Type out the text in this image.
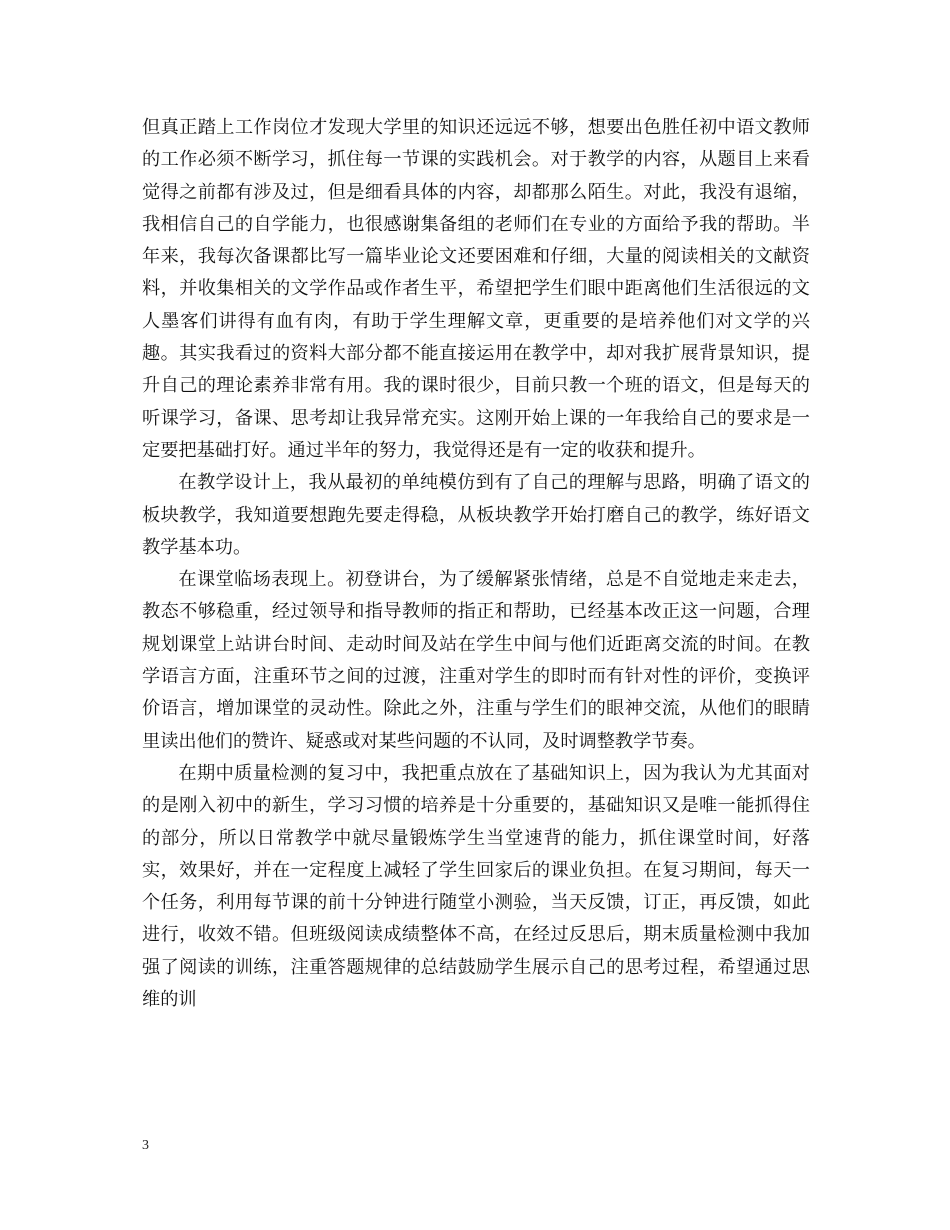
但真正踏上工作岗位才发现大学里的知识还远远不够，想要出色胜任初中语文教师的工作必须不断学习，抓住每一节课的实践机会。对于教学的内容，从题目上来看觉得之前都有涉及过，但是细看具体的内容，却都那么陌生。对此，我没有退缩，我相信自己的自学能力，也很感谢集备组的老师们在专业的方面给予我的帮助。半年来，我每次备课都比写一篇毕业论文还要困难和仔细，大量的阅读相关的文献资料，并收集相关的文学作品或作者生平，希望把学生们眼中距离他们生活很远的文人墨客们讲得有血有肉，有助于学生理解文章，更重要的是培养他们对文学的兴趣。其实我看过的资料大部分都不能直接运用在教学中，却对我扩展背景知识，提升自己的理论素养非常有用。我的课时很少，目前只教一个班的语文，但是每天的听课学习，备课、思考却让我异常充实。这刚开始上课的一年我给自己的要求是一定要把基础打好。通过半年的努力，我觉得还是有一定的收获和提升。

在教学设计上，我从最初的单纯模仿到有了自己的理解与思路，明确了语文的板块教学，我知道要想跑先要走得稳，从板块教学开始打磨自己的教学，练好语文教学基本功。

在课堂临场表现上。初登讲台，为了缓解紧张情绪，总是不自觉地走来走去，教态不够稳重，经过领导和指导教师的指正和帮助，已经基本改正这一问题，合理规划课堂上站讲台时间、走动时间及站在学生中间与他们近距离交流的时间。在教学语言方面，注重环节之间的过渡，注重对学生的即时而有针对性的评价，变换评价语言，增加课堂的灵动性。除此之外，注重与学生们的眼神交流，从他们的眼睛里读出他们的赞许、疑惑或对某些问题的不认同，及时调整教学节奏。

在期中质量检测的复习中，我把重点放在了基础知识上，因为我认为尤其面对的是刚入初中的新生，学习习惯的培养是十分重要的，基础知识又是唯一能抓得住的部分，所以日常教学中就尽量锻炼学生当堂速背的能力，抓住课堂时间，好落实，效果好，并在一定程度上减轻了学生回家后的课业负担。在复习期间，每天一个任务，利用每节课的前十分钟进行随堂小测验，当天反馈，订正，再反馈，如此进行，收效不错。但班级阅读成绩整体不高，在经过反思后，期末质量检测中我加强了阅读的训练，注重答题规律的总结鼓励学生展示自己的思考过程，希望通过思维的训

3
